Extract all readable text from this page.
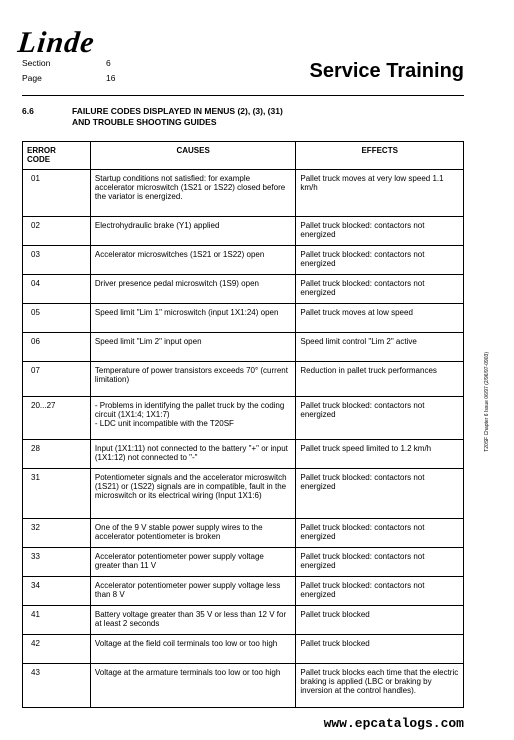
Linde
Section	6
Page	16	Service Training
6.6	FAILURE CODES DISPLAYED IN MENUS (2), (3), (31)
AND TROUBLE SHOOTING GUIDES
ERROR
CODE	CAUSES	EFFECTS

01	Startup conditions not satisfied: for example accelerator microswitch (1S21 or 1S22) closed before the variator is energized.	Pallet truck moves at very low speed 1.1 km/h

02	Electrohydraulic brake (Y1) applied	Pallet truck blocked: contactors not energized

03	Accelerator microswitches (1S21 or 1S22) open	Pallet truck blocked: contactors not energized

04	Driver presence pedal microswitch (1S9) open	Pallet truck blocked: contactors not energized

05	Speed limit "Lim 1" microswitch (input 1X1:24) open	Pallet truck moves at low speed

06	Speed limit "Lim 2" input open	Speed limit control "Lim 2" active

07	Temperature of power transistors exceeds 70° (current limitation)	Reduction in pallet truck performances

20...27	- Problems in identifying the pallet truck by the coding circuit (1X1:4; 1X1:7)
- LDC unit incompatible with the T20SF	Pallet truck blocked: contactors not energized

28	Input (1X1:11) not connected to the battery "+" or input (1X1:12) not connected to "-"	Pallet truck speed limited to 1.2 km/h

31	Potentiometer signals and the accelerator microswitch (1S21) or (1S22) signals are in compatible, fault in the microswitch or its electrical wiring (Input 1X1:6)	Pallet truck blocked: contactors not energized

32	One of the 9 V stable power supply wires to the accelerator potentiometer is broken	Pallet truck blocked: contactors not energized

33	Accelerator potentiometer power supply voltage greater than 11 V	Pallet truck blocked: contactors not energized

34	Accelerator potentiometer power supply voltage less than 8 V	Pallet truck blocked: contactors not energized

41	Battery voltage greater than 35 V or less than 12 V for at least 2 seconds	Pallet truck blocked

42	Voltage at the field coil terminals too low or too high	Pallet truck blocked

43	Voltage at the armature terminals too low or too high	Pallet truck blocks each time that the electric braking is applied (LBC or braking by inversion at the control handles).
T20SF Chapter 6 Issue 06/97 (2/96/97-0903)
www.epcatalogs.com
